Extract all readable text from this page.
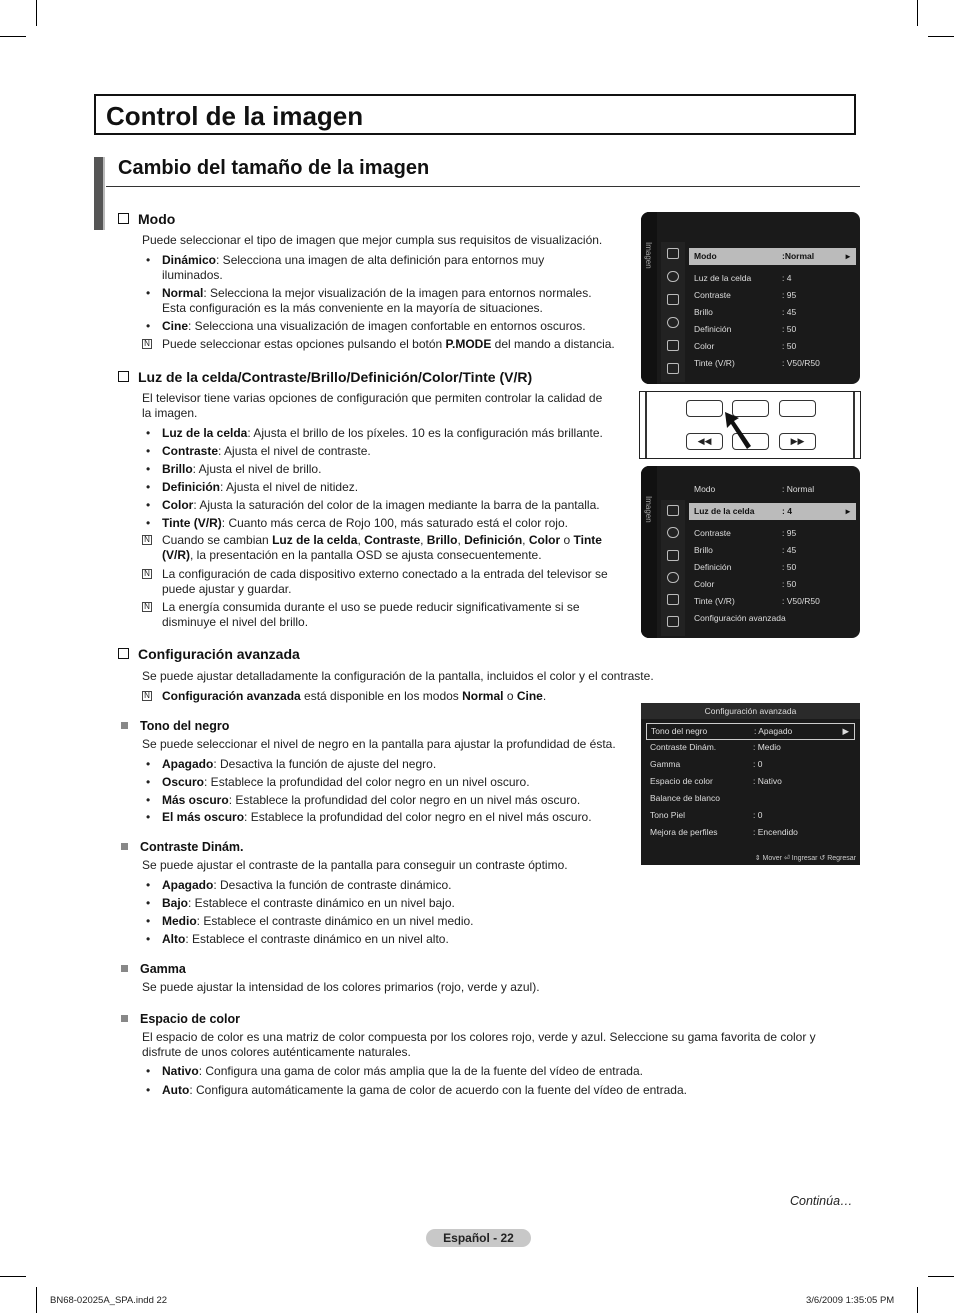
Control de la imagen
Cambio del tamaño de la imagen
Modo
Puede seleccionar el tipo de imagen que mejor cumpla sus requisitos de visualización.
• Dinámico: Selecciona una imagen de alta definición para entornos muy
iluminados.
• Normal: Selecciona la mejor visualización de la imagen para entornos normales.
Esta configuración es la más conveniente en la mayoría de situaciones.
• Cine: Selecciona una visualización de imagen confortable en entornos oscuros.
N Puede seleccionar estas opciones pulsando el botón P.MODE del mando a distancia.
Imagen	Modo	:Normal	▸
Luz de la celda	: 4
Contraste	: 95
Brillo	: 45
Definición	: 50
Color	: 50
Tinte (V/R)	: V50/R50
Luz de la celda/Contraste/Brillo/Definición/Color/Tinte (V/R)
El televisor tiene varias opciones de configuración que permiten controlar la calidad de
la imagen.
• Luz de la celda: Ajusta el brillo de los píxeles. 10 es la configuración más brillante.
• Contraste: Ajusta el nivel de contraste.
• Brillo: Ajusta el nivel de brillo.
• Definición: Ajusta el nivel de nitidez.
• Color: Ajusta la saturación del color de la imagen mediante la barra de la pantalla.
• Tinte (V/R): Cuanto más cerca de Rojo 100, más saturado está el color rojo.
N Cuando se cambian Luz de la celda, Contraste, Brillo, Definición, Color o Tinte
(V/R), la presentación en la pantalla OSD se ajusta consecuentemente.
N La configuración de cada dispositivo externo conectado a la entrada del televisor se
puede ajustar y guardar.
N La energía consumida durante el uso se puede reducir significativamente si se
disminuye el nivel del brillo.
◀◀	▶▶
Imagen
Modo	: Normal
Luz de la celda	: 4	▸
Contraste	: 95
Brillo	: 45
Definición	: 50
Color	: 50
Tinte (V/R)	: V50/R50
Configuración avanzada
Configuración avanzada
Se puede ajustar detalladamente la configuración de la pantalla, incluidos el color y el contraste.
N Configuración avanzada está disponible en los modos Normal o Cine.
Configuración avanzada
Tono del negro	: Apagado	▶
Contraste Dinám.	: Medio
Gamma	: 0
Espacio de color	: Nativo
Balance de blanco
Tono Piel	: 0
Mejora de perfiles	: Encendido
⇕ Mover ⏎ Ingresar ↺ Regresar
Tono del negro
Se puede seleccionar el nivel de negro en la pantalla para ajustar la profundidad de ésta.
• Apagado: Desactiva la función de ajuste del negro.
• Oscuro: Establece la profundidad del color negro en un nivel oscuro.
• Más oscuro: Establece la profundidad del color negro en un nivel más oscuro.
• El más oscuro: Establece la profundidad del color negro en el nivel más oscuro.
Contraste Dinám.
Se puede ajustar el contraste de la pantalla para conseguir un contraste óptimo.
• Apagado: Desactiva la función de contraste dinámico.
• Bajo: Establece el contraste dinámico en un nivel bajo.
• Medio: Establece el contraste dinámico en un nivel medio.
• Alto: Establece el contraste dinámico en un nivel alto.
Gamma
Se puede ajustar la intensidad de los colores primarios (rojo, verde y azul).
Espacio de color
El espacio de color es una matriz de color compuesta por los colores rojo, verde y azul. Seleccione su gama favorita de color y
disfrute de unos colores auténticamente naturales.
• Nativo: Configura una gama de color más amplia que la de la fuente del vídeo de entrada.
• Auto: Configura automáticamente la gama de color de acuerdo con la fuente del vídeo de entrada.
Continúa…
Español - 22
BN68-02025A_SPA.indd 22	3/6/2009 1:35:05 PM
